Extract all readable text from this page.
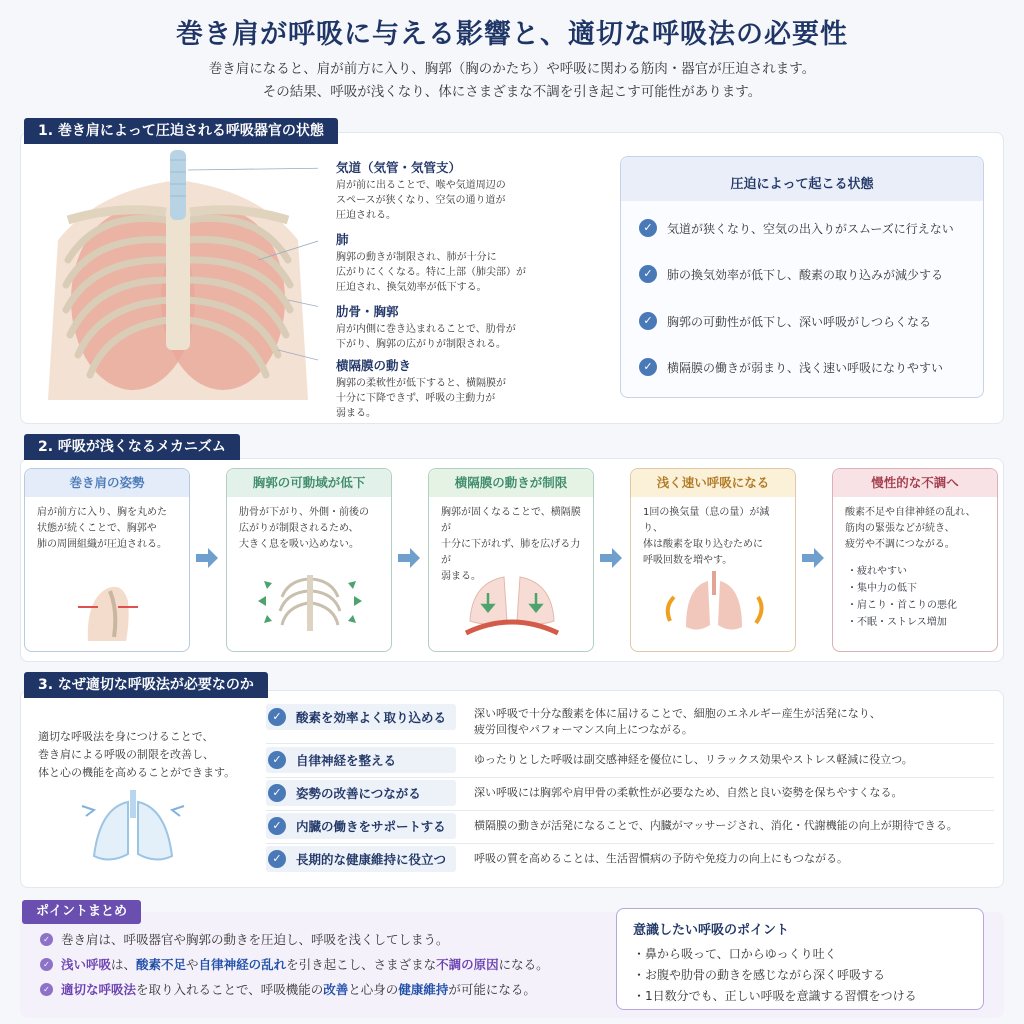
巻き肩が呼吸に与える影響と、適切な呼吸法の必要性
巻き肩になると、肩が前方に入り、胸郭（胸のかたち）や呼吸に関わる筋肉・器官が圧迫されます。
その結果、呼吸が浅くなり、体にさまざまな不調を引き起こす可能性があります。
1. 巻き肩によって圧迫される呼吸器官の状態
気道（気管・気管支）
肩が前に出ることで、喉や気道周辺の
スペースが狭くなり、空気の通り道が
圧迫される。
肺
胸郭の動きが制限され、肺が十分に
広がりにくくなる。特に上部（肺尖部）が
圧迫され、換気効率が低下する。
肋骨・胸郭
肩が内側に巻き込まれることで、肋骨が
下がり、胸郭の広がりが制限される。
横隔膜の動き
胸郭の柔軟性が低下すると、横隔膜が
十分に下降できず、呼吸の主動力が
弱まる。
圧迫によって起こる状態
✓	気道が狭くなり、空気の出入りがスムーズに行えない
✓	肺の換気効率が低下し、酸素の取り込みが減少する
✓	胸郭の可動性が低下し、深い呼吸がしつらくなる
✓	横隔膜の働きが弱まり、浅く速い呼吸になりやすい
2. 呼吸が浅くなるメカニズム
巻き肩の姿勢
肩が前方に入り、胸を丸めた
状態が続くことで、胸郭や
肺の周囲組織が圧迫される。
胸郭の可動域が低下
肋骨が下がり、外側・前後の
広がりが制限されるため、
大きく息を吸い込めない。
横隔膜の動きが制限
胸郭が固くなることで、横隔膜が
十分に下がれず、肺を広げる力が
弱まる。
浅く速い呼吸になる
1回の換気量（息の量）が減り、
体は酸素を取り込むために
呼吸回数を増やす。
慢性的な不調へ
酸素不足や自律神経の乱れ、
筋肉の緊張などが続き、
疲労や不調につながる。
・疲れやすい
・集中力の低下
・肩こり・首こりの悪化
・不眠・ストレス増加
3. なぜ適切な呼吸法が必要なのか
適切な呼吸法を身につけることで、
巻き肩による呼吸の制限を改善し、
体と心の機能を高めることができます。
✓	酸素を効率よく取り込める	深い呼吸で十分な酸素を体に届けることで、細胞のエネルギー産生が活発になり、
疲労回復やパフォーマンス向上につながる。
✓	自律神経を整える	ゆったりとした呼吸は副交感神経を優位にし、リラックス効果やストレス軽減に役立つ。
✓	姿勢の改善につながる	深い呼吸には胸郭や肩甲骨の柔軟性が必要なため、自然と良い姿勢を保ちやすくなる。
✓	内臓の働きをサポートする	横隔膜の動きが活発になることで、内臓がマッサージされ、消化・代謝機能の向上が期待できる。
✓	長期的な健康維持に役立つ	呼吸の質を高めることは、生活習慣病の予防や免疫力の向上にもつながる。
ポイントまとめ
✓ 巻き肩は、呼吸器官や胸郭の動きを圧迫し、呼吸を浅くしてしまう。
✓ 浅い呼吸は、酸素不足や自律神経の乱れを引き起こし、さまざまな不調の原因になる。
✓ 適切な呼吸法を取り入れることで、呼吸機能の改善と心身の健康維持が可能になる。
意識したい呼吸のポイント
・鼻から吸って、口からゆっくり吐く
・お腹や肋骨の動きを感じながら深く呼吸する
・1日数分でも、正しい呼吸を意識する習慣をつける
